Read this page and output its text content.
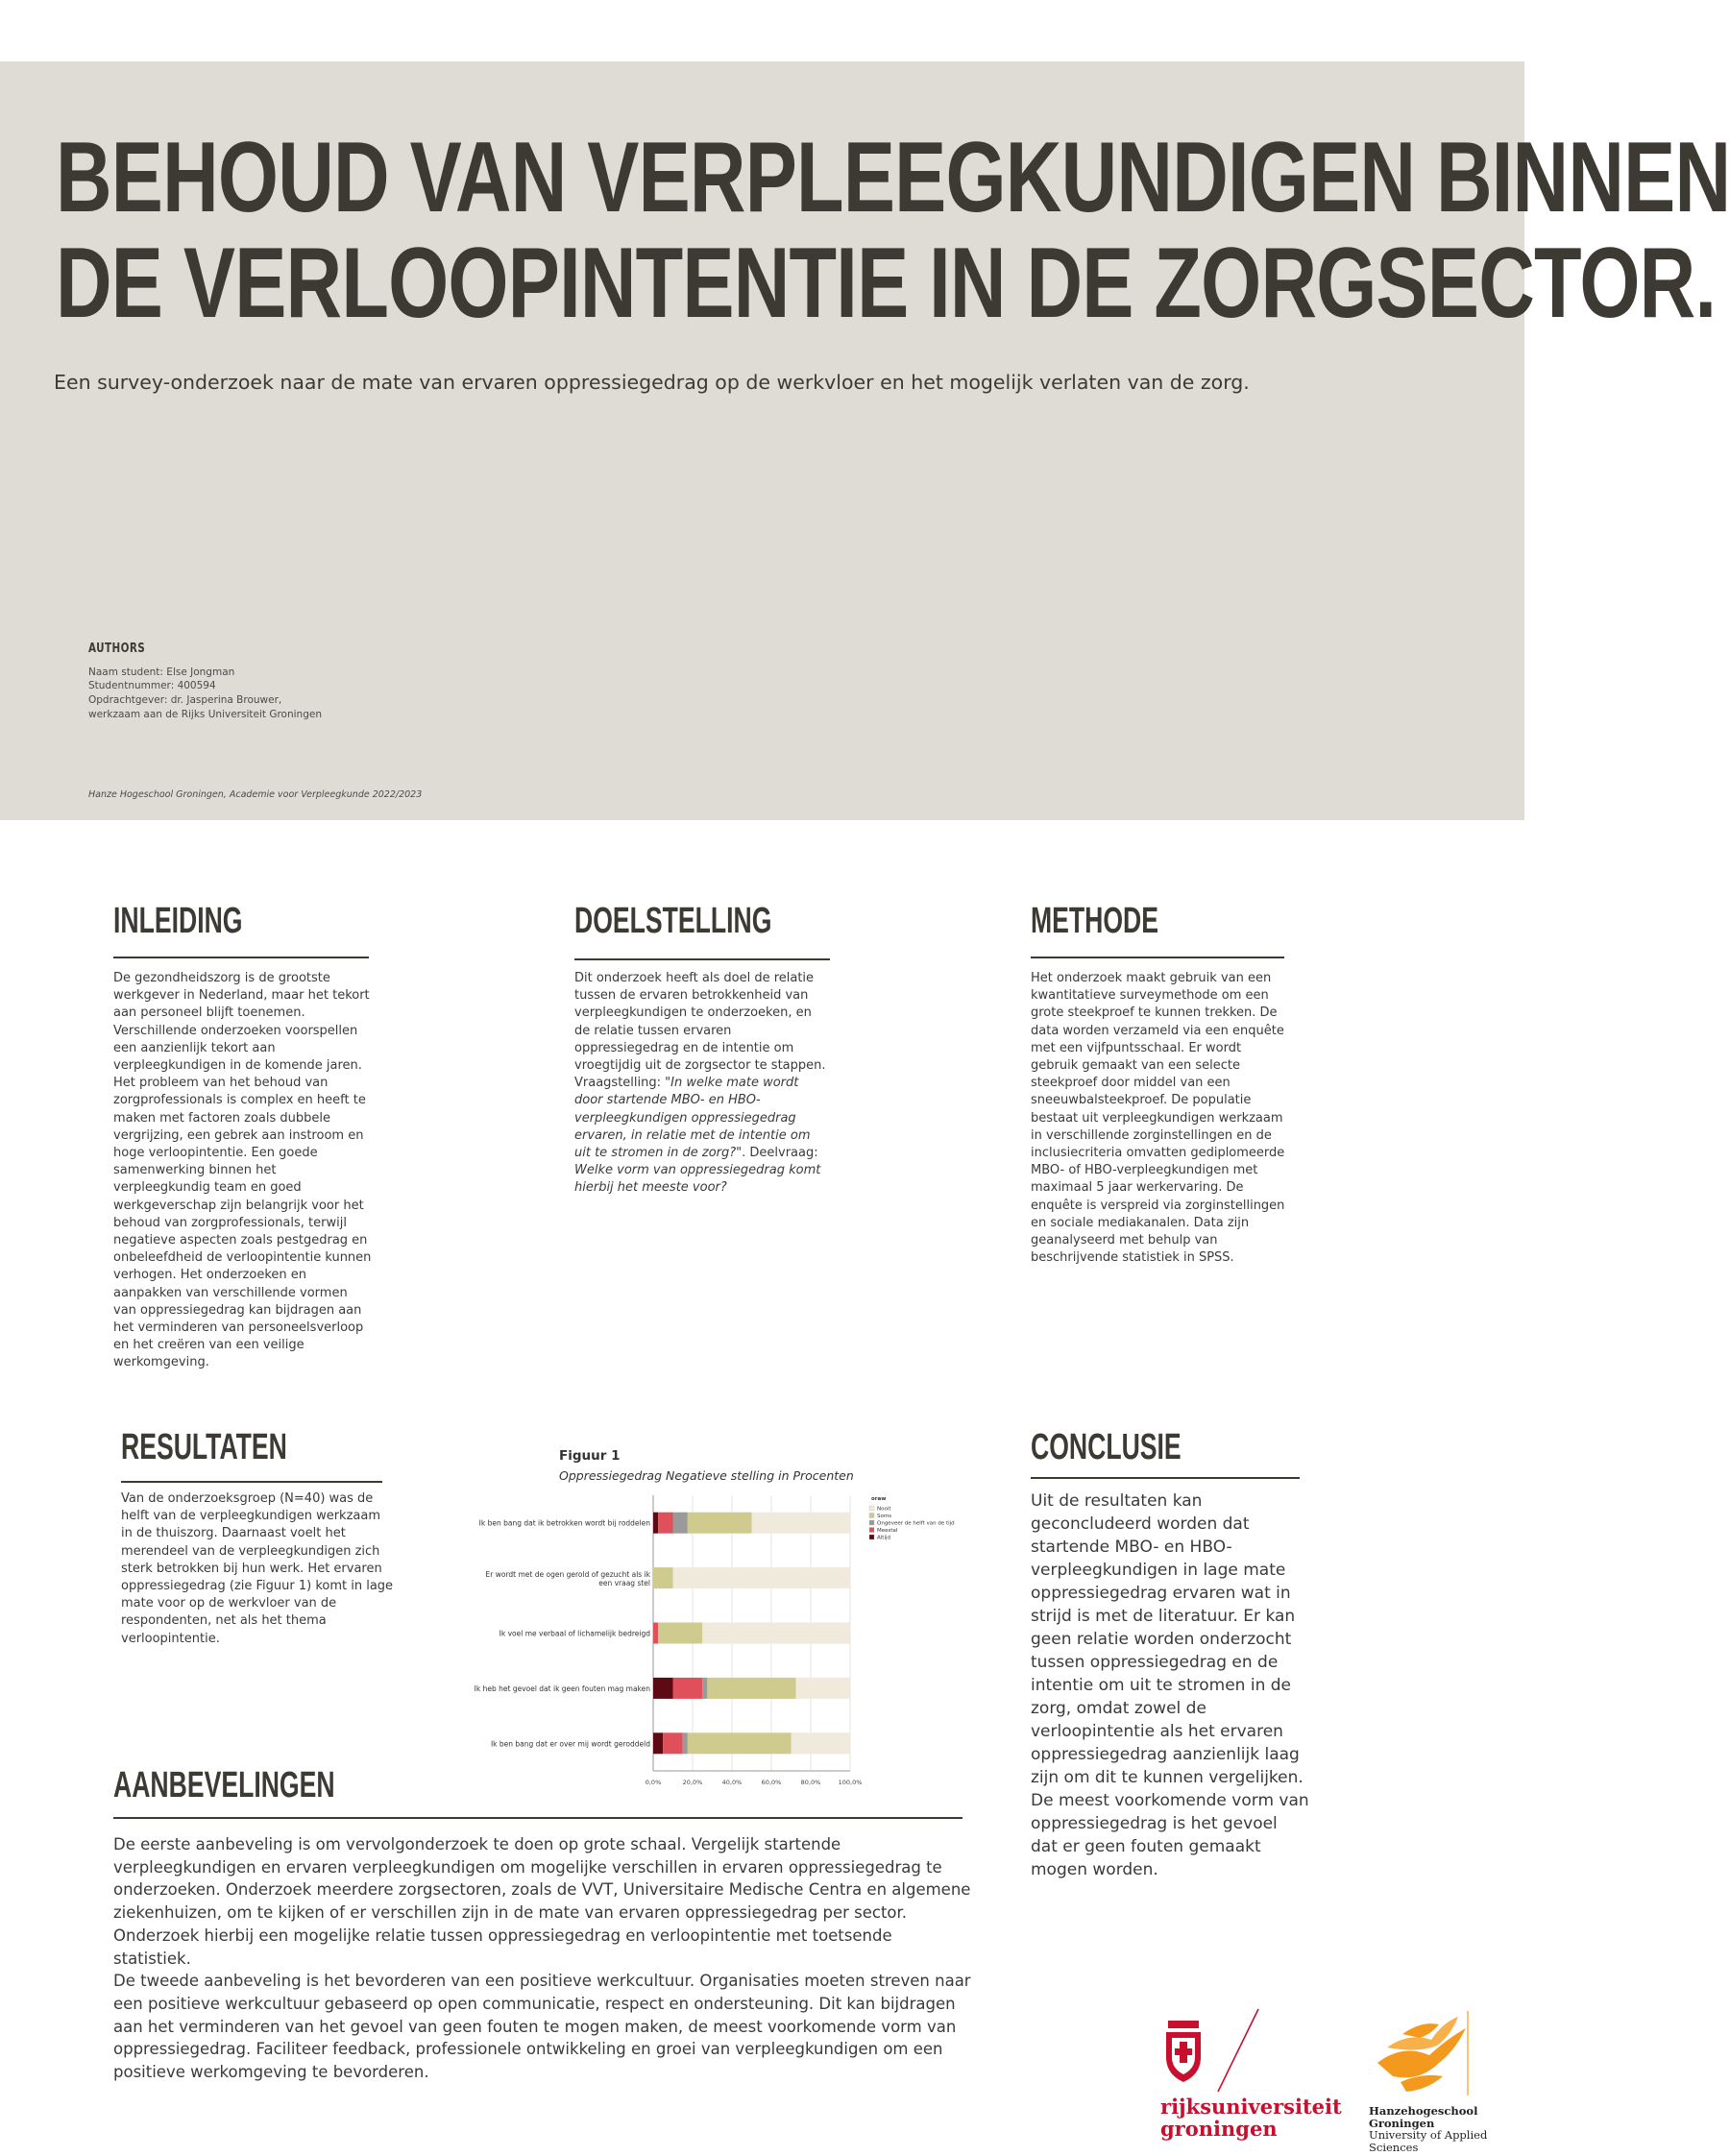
BEHOUD VAN VERPLEEGKUNDIGEN BINNEN
DE VERLOOPINTENTIE IN DE ZORGSECTOR.

Een survey-onderzoek naar de mate van ervaren oppressiegedrag op de werkvloer en het mogelijk verlaten van de zorg.

AUTHORS
Naam student: Else Jongman
Studentnummer: 400594
Opdrachtgever: dr. Jasperina Brouwer,
werkzaam aan de Rijks Universiteit Groningen
Hanze Hogeschool Groningen, Academie voor Verpleegkunde 2022/2023
INLEIDING

De gezondheidszorg is de grootste werkgever in Nederland, maar het tekort aan personeel blijft toenemen. Verschillende onderzoeken voorspellen een aanzienlijk tekort aan verpleegkundigen in de komende jaren. Het probleem van het behoud van zorgprofessionals is complex en heeft te maken met factoren zoals dubbele vergrijzing, een gebrek aan instroom en hoge verloopintentie. Een goede samenwerking binnen het verpleegkundig team en goed werkgeverschap zijn belangrijk voor het behoud van zorgprofessionals, terwijl negatieve aspecten zoals pestgedrag en onbeleefdheid de verloopintentie kunnen verhogen. Het onderzoeken en aanpakken van verschillende vormen van oppressiegedrag kan bijdragen aan het verminderen van personeelsverloop en het creëren van een veilige werkomgeving.

DOELSTELLING

Dit onderzoek heeft als doel de relatie tussen de ervaren betrokkenheid van verpleegkundigen te onderzoeken, en de relatie tussen ervaren oppressiegedrag en de intentie om vroegtijdig uit de zorgsector te stappen. Vraagstelling: "In welke mate wordt door startende MBO- en HBO-verpleegkundigen oppressiegedrag ervaren, in relatie met de intentie om uit te stromen in de zorg?". Deelvraag: Welke vorm van oppressiegedrag komt hierbij het meeste voor?

METHODE

Het onderzoek maakt gebruik van een kwantitatieve surveymethode om een grote steekproef te kunnen trekken. De data worden verzameld via een enquête met een vijfpuntsschaal. Er wordt gebruik gemaakt van een selecte steekproef door middel van een sneeuwbalsteekproef. De populatie bestaat uit verpleegkundigen werkzaam in verschillende zorginstellingen en de inclusiecriteria omvatten gediplomeerde MBO- of HBO-verpleegkundigen met maximaal 5 jaar werkervaring. De enquête is verspreid via zorginstellingen en sociale mediakanalen. Data zijn geanalyseerd met behulp van beschrijvende statistiek in SPSS.

RESULTATEN

Van de onderzoeksgroep (N=40) was de helft van de verpleegkundigen werkzaam in de thuiszorg. Daarnaast voelt het merendeel van de verpleegkundigen zich sterk betrokken bij hun werk. Het ervaren oppressiegedrag (zie Figuur 1) komt in lage mate voor op de werkvloer van de respondenten, net als het thema verloopintentie.

Figuur 1
Oppressiegedrag Negatieve stelling in Procenten
0,0%	20,0%	40,0%	60,0%	80,0%	100,0%
Ik ben bang dat ik betrokken wordt bij roddelen
Er wordt met de ogen gerold of gezucht als ik een vraag stel
Ik voel me verbaal of lichamelijk bedreigd
Ik heb het gevoel dat ik geen fouten mag maken
Ik ben bang dat er over mij wordt geroddeld
oraw
Nooit
Soms
Ongeveer de helft van de tijd
Meestal
Altijd
CONCLUSIE

Uit de resultaten kan geconcludeerd worden dat startende MBO- en HBO-verpleegkundigen in lage mate oppressiegedrag ervaren wat in strijd is met de literatuur. Er kan geen relatie worden onderzocht tussen oppressiegedrag en de intentie om uit te stromen in de zorg, omdat zowel de verloopintentie als het ervaren oppressiegedrag aanzienlijk laag zijn om dit te kunnen vergelijken. De meest voorkomende vorm van oppressiegedrag is het gevoel dat er geen fouten gemaakt mogen worden.

AANBEVELINGEN

De eerste aanbeveling is om vervolgonderzoek te doen op grote schaal. Vergelijk startende verpleegkundigen en ervaren verpleegkundigen om mogelijke verschillen in ervaren oppressiegedrag te onderzoeken. Onderzoek meerdere zorgsectoren, zoals de VVT, Universitaire Medische Centra en algemene ziekenhuizen, om te kijken of er verschillen zijn in de mate van ervaren oppressiegedrag per sector. Onderzoek hierbij een mogelijke relatie tussen oppressiegedrag en verloopintentie met toetsende statistiek.
De tweede aanbeveling is het bevorderen van een positieve werkcultuur. Organisaties moeten streven naar een positieve werkcultuur gebaseerd op open communicatie, respect en ondersteuning. Dit kan bijdragen aan het verminderen van het gevoel van geen fouten te mogen maken, de meest voorkomende vorm van oppressiegedrag. Faciliteer feedback, professionele ontwikkeling en groei van verpleegkundigen om een positieve werkomgeving te bevorderen.

rijksuniversiteit
groningen
Hanzehogeschool
Groningen
University of Applied Sciences
